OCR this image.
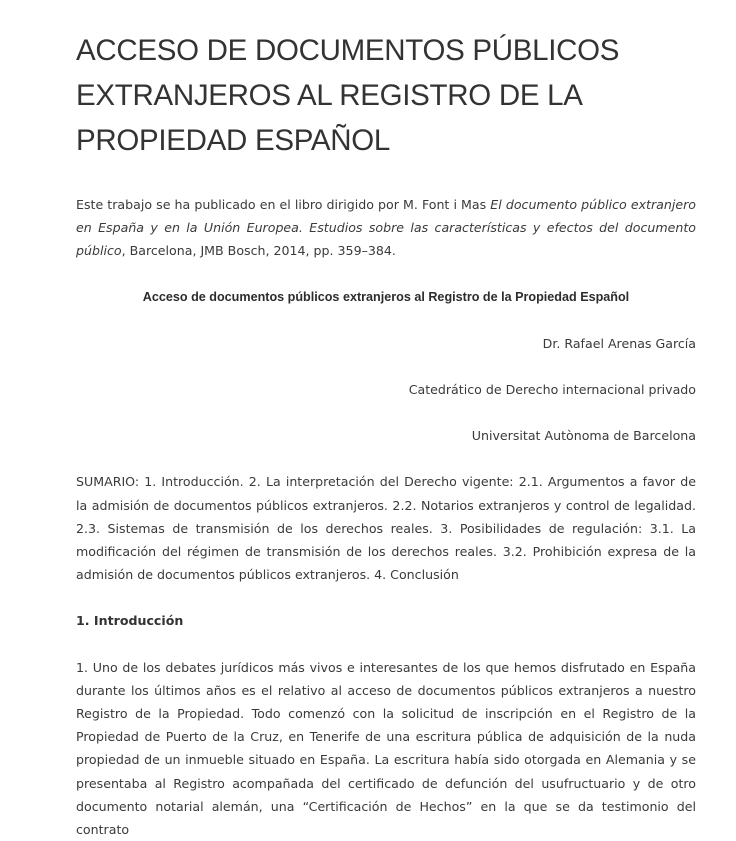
ACCESO DE DOCUMENTOS PÚBLICOS
EXTRANJEROS AL REGISTRO DE LA
PROPIEDAD ESPAÑOL

Este trabajo se ha publicado en el libro dirigido por M. Font i Mas El documento público extranjero en España y en la Unión Europea. Estudios sobre las características y efectos del documento público, Barcelona, JMB Bosch, 2014, pp. 359–384.

Acceso de documentos públicos extranjeros al Registro de la Propiedad Español

Dr. Rafael Arenas García

Catedrático de Derecho internacional privado

Universitat Autònoma de Barcelona

SUMARIO: 1. Introducción. 2. La interpretación del Derecho vigente: 2.1. Argumentos a favor de la admisión de documentos públicos extranjeros. 2.2. Notarios extranjeros y control de legalidad. 2.3. Sistemas de transmisión de los derechos reales. 3. Posibilidades de regulación: 3.1. La modificación del régimen de transmisión de los derechos reales. 3.2. Prohibición expresa de la admisión de documentos públicos extranjeros. 4. Conclusión

1. Introducción

1. Uno de los debates jurídicos más vivos e interesantes de los que hemos disfrutado en España durante los últimos años es el relativo al acceso de documentos públicos extranjeros a nuestro Registro de la Propiedad. Todo comenzó con la solicitud de inscripción en el Registro de la Propiedad de Puerto de la Cruz, en Tenerife de una escritura pública de adquisición de la nuda propiedad de un inmueble situado en España. La escritura había sido otorgada en Alemania y se presentaba al Registro acompañada del certificado de defunción del usufructuario y de otro documento notarial alemán, una “Certificación de Hechos” en la que se da testimonio del contrato
